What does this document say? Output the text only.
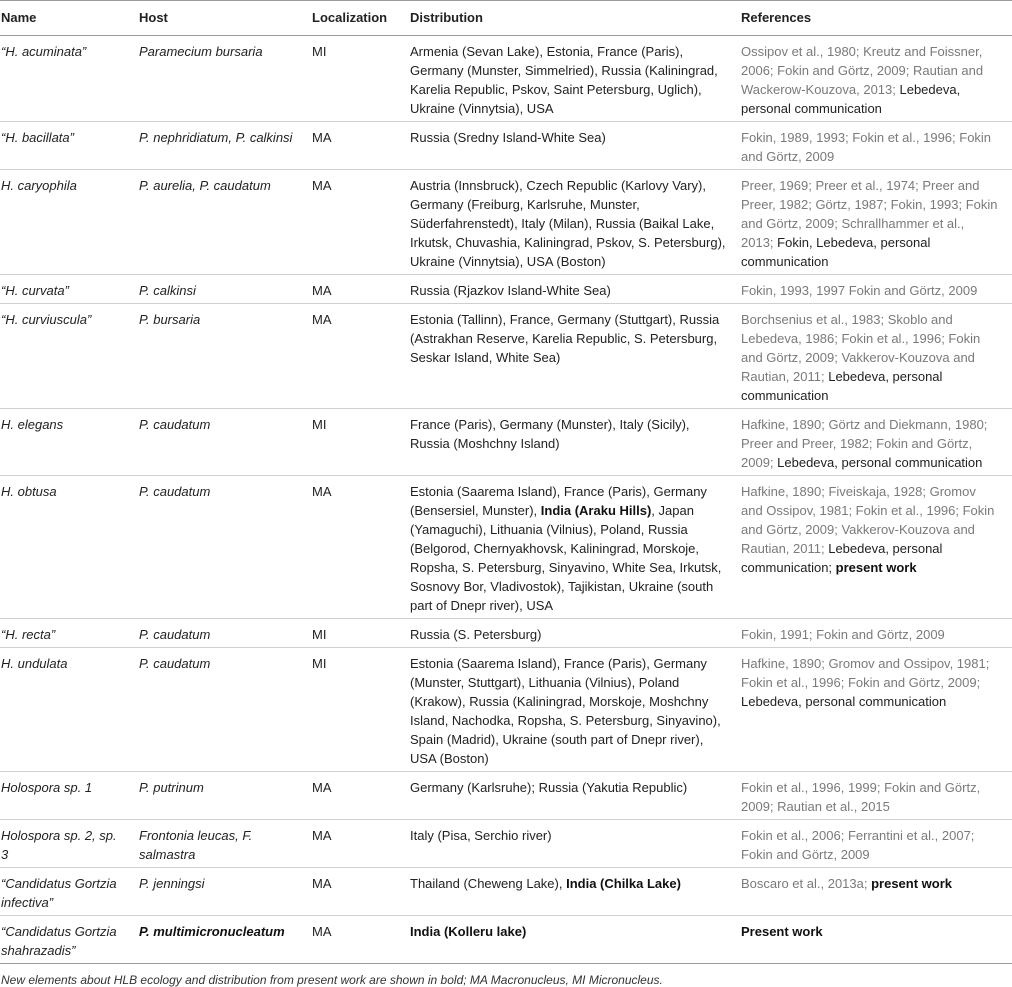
Name	Host	Localization	Distribution	References

“H. acuminata”	Paramecium bursaria	MI	Armenia (Sevan Lake), Estonia, France (Paris), Germany (Munster, Simmelried), Russia (Kaliningrad, Karelia Republic, Pskov, Saint Petersburg, Uglich), Ukraine (Vinnytsia), USA	Ossipov et al., 1980; Kreutz and Foissner, 2006; Fokin and Görtz, 2009; Rautian and Wackerow-Kouzova, 2013; Lebedeva, personal communication

“H. bacillata”	P. nephridiatum, P. calkinsi	MA	Russia (Sredny Island-White Sea)	Fokin, 1989, 1993; Fokin et al., 1996; Fokin and Görtz, 2009

H. caryophila	P. aurelia, P. caudatum	MA	Austria (Innsbruck), Czech Republic (Karlovy Vary), Germany (Freiburg, Karlsruhe, Munster, Süderfahrenstedt), Italy (Milan), Russia (Baikal Lake, Irkutsk, Chuvashia, Kaliningrad, Pskov, S. Petersburg), Ukraine (Vinnytsia), USA (Boston)	Preer, 1969; Preer et al., 1974; Preer and Preer, 1982; Görtz, 1987; Fokin, 1993; Fokin and Görtz, 2009; Schrallhammer et al., 2013; Fokin, Lebedeva, personal communication

“H. curvata”	P. calkinsi	MA	Russia (Rjazkov Island-White Sea)	Fokin, 1993, 1997 Fokin and Görtz, 2009

“H. curviuscula”	P. bursaria	MA	Estonia (Tallinn), France, Germany (Stuttgart), Russia (Astrakhan Reserve, Karelia Republic, S. Petersburg, Seskar Island, White Sea)	Borchsenius et al., 1983; Skoblo and Lebedeva, 1986; Fokin et al., 1996; Fokin and Görtz, 2009; Vakkerov-Kouzova and Rautian, 2011; Lebedeva, personal communication

H. elegans	P. caudatum	MI	France (Paris), Germany (Munster), Italy (Sicily), Russia (Moshchny Island)	Hafkine, 1890; Görtz and Diekmann, 1980; Preer and Preer, 1982; Fokin and Görtz, 2009; Lebedeva, personal communication

H. obtusa	P. caudatum	MA	Estonia (Saarema Island), France (Paris), Germany (Bensersiel, Munster), India (Araku Hills), Japan (Yamaguchi), Lithuania (Vilnius), Poland, Russia (Belgorod, Chernyakhovsk, Kaliningrad, Morskoje, Ropsha, S. Petersburg, Sinyavino, White Sea, Irkutsk, Sosnovy Bor, Vladivostok), Tajikistan, Ukraine (south part of Dnepr river), USA	Hafkine, 1890; Fiveiskaja, 1928; Gromov and Ossipov, 1981; Fokin et al., 1996; Fokin and Görtz, 2009; Vakkerov-Kouzova and Rautian, 2011; Lebedeva, personal communication; present work

“H. recta”	P. caudatum	MI	Russia (S. Petersburg)	Fokin, 1991; Fokin and Görtz, 2009

H. undulata	P. caudatum	MI	Estonia (Saarema Island), France (Paris), Germany (Munster, Stuttgart), Lithuania (Vilnius), Poland (Krakow), Russia (Kaliningrad, Morskoje, Moshchny Island, Nachodka, Ropsha, S. Petersburg, Sinyavino), Spain (Madrid), Ukraine (south part of Dnepr river), USA (Boston)	Hafkine, 1890; Gromov and Ossipov, 1981; Fokin et al., 1996; Fokin and Görtz, 2009; Lebedeva, personal communication

Holospora sp. 1	P. putrinum	MA	Germany (Karlsruhe); Russia (Yakutia Republic)	Fokin et al., 1996, 1999; Fokin and Görtz, 2009; Rautian et al., 2015

Holospora sp. 2, sp. 3	Frontonia leucas, F. salmastra	MA	Italy (Pisa, Serchio river)	Fokin et al., 2006; Ferrantini et al., 2007; Fokin and Görtz, 2009

“Candidatus Gortzia infectiva”	P. jenningsi	MA	Thailand (Cheweng Lake), India (Chilka Lake)	Boscaro et al., 2013a; present work

“Candidatus Gortzia shahrazadis”	P. multimicronucleatum	MA	India (Kolleru lake)	Present work
New elements about HLB ecology and distribution from present work are shown in bold; MA Macronucleus, MI Micronucleus.
